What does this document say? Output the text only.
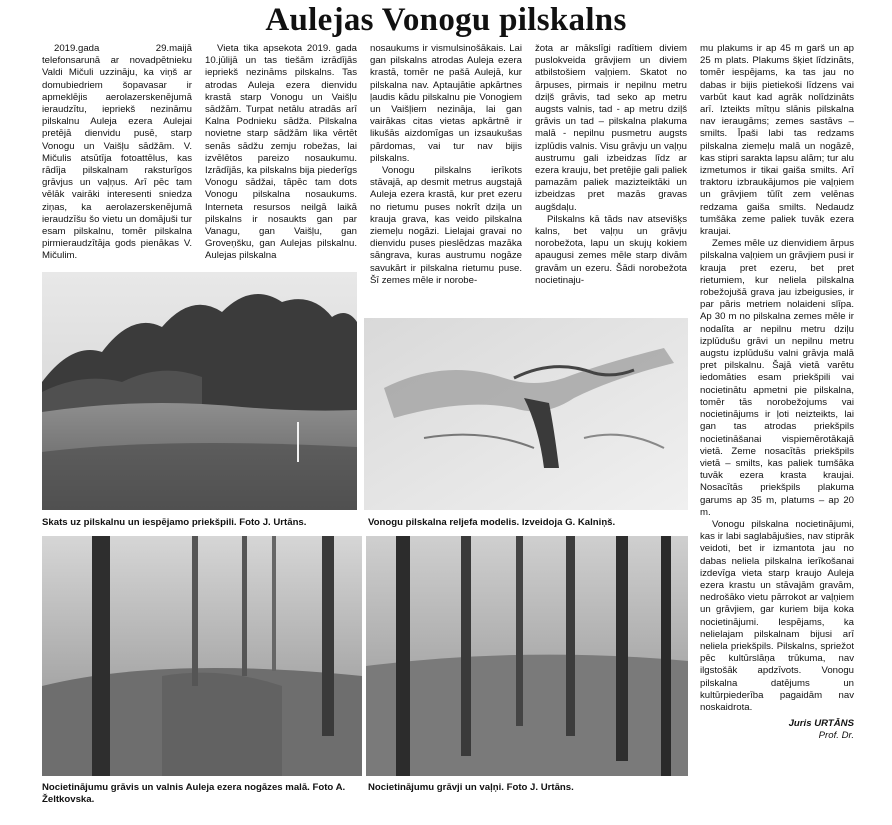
Aulejas Vonogu pilskalns

2019.gada 29.maijā telefonsarunā ar novadpētnieku Valdi Mičuli uzzināju, ka viņš ar domubiedriem šopavasar ir apmeklējis aerolazerskenējumā ieraudzītu, iepriekš nezināmu pilskalnu Auleja ezera Aulejai pretējā dienvidu pusē, starp Vonogu un Vaišļu sādžām. V. Mičulis atsūtīja fotoattēlus, kas rādīja pilskalnam raksturīgos grāvjus un vaļņus. Arī pēc tam vēlāk vairāki interesenti sniedza ziņas, ka aerolazerskenējumā ieraudzīšu šo vietu un domājuši tur esam pilskalnu, tomēr pilskalna pirmieraudzītāja gods pienākas V. Mičulim.

Vieta tika apsekota 2019. gada 10.jūlijā un tas tiešām izrādījās iepriekš nezināms pilskalns. Tas atrodas Auleja ezera dienvidu krastā starp Vonogu un Vaišļu sādžām. Turpat netālu atradās arī Kalna Podnieku sādža. Pilskalna novietne starp sādžām lika vērtēt senās sādžu zemju robežas, lai izvēlētos pareizo nosaukumu. Izrādījās, ka pilskalns bija piederīgs Vonogu sādžai, tāpēc tam dots Vonogu pilskalna nosaukums. Interneta resursos neilgā laikā pilskalns ir nosaukts gan par Vanagu, gan Vaišļu, gan Groveņšku, gan Aulejas pilskalnu. Aulejas pilskalna

nosaukums ir vismulsinošākais. Lai gan pilskalns atrodas Auleja ezera krastā, tomēr ne pašā Aulejā, kur pilskalna nav. Aptaujātie apkārtnes ļaudis kādu pilskalnu pie Vonogiem un Vaišļiem nezināja, lai gan vairākas citas vietas apkārtnē ir likušās aizdomīgas un izsaukušas pārdomas, vai tur nav bijis pilskalns.

Vonogu pilskalns ierīkots stāvajā, ap desmit metrus augstajā Auleja ezera krastā, kur pret ezeru no rietumu puses nokrīt dziļa un krauja grava, kas veido pilskalna ziemeļu nogāzi. Lielajai gravai no dienvidu puses pieslēdzas mazāka sāngrava, kuras austrumu nogāze savukārt ir pilskalna rietumu puse. Šī zemes mēle ir norobe-

žota ar mākslīgi radītiem diviem puslokveida grāvjiem un diviem atbilstošiem vaļņiem. Skatot no ārpuses, pirmais ir nepilnu metru dziļš grāvis, tad seko ap metru augsts valnis, tad - ap metru dziļš grāvis un tad – pilskalna plakuma malā - nepilnu pusmetru augsts izplūdis valnis. Visu grāvju un vaļņu austrumu gali izbeidzas līdz ar ezera krauju, bet pretējie gali paliek pamazām paliek mazizteiktāki un izbeidzas pret mazās gravas augšdaļu.

Pilskalns kā tāds nav atsevišķs kalns, bet vaļņu un grāvju norobežota, lapu un skujų kokiem apaugusi zemes mēle starp divām gravām un ezeru. Šādi norobežota nocietinaju-

mu plakums ir ap 45 m garš un ap 25 m plats. Plakums šķiet līdzināts, tomēr iespējams, ka tas jau no dabas ir bijis pietiekoši līdzens vai varbūt kaut kad agrāk nolīdzināts arī. Izteikts mītņu slānis pilskalna nav ieraugāms; zemes sastāvs – smilts. Īpaši labi tas redzams pilskalna ziemeļu malā un nogāzē, kas stipri sarakta lapsu alām; tur alu izmetumos ir tikai gaiša smilts. Arī traktoru izbraukājumos pie vaļņiem un grāvjiem tūlīt zem velēnas redzama gaiša smilts. Nedaudz tumšāka zeme paliek tuvāk ezera kraujai.

Zemes mēle uz dienvidiem ārpus pilskalna vaļņiem un grāvjiem pusi ir krauja pret ezeru, bet pret rietumiem, kur neliela pilskalna robežojušā grava jau izbeigusies, ir par pāris metriem nolaideni slīpa. Ap 30 m no pilskalna zemes mēle ir nodalīta ar nepilnu metru dziļu izplūdušu grāvi un nepilnu metru augstu izplūdušu valni grāvja malā pret pilskalnu. Šajā vietā varētu iedomāties esam priekšpili vai nocietinātu apmetni pie pilskalna, tomēr tās norobežojums vai nocietinājums ir ļoti neizteikts, lai gan tas atrodas priekšpils nocietināšanai vispiemērotākajā vietā. Zeme nosacītās priekšpils vietā – smilts, kas paliek tumšāka tuvāk ezera krasta kraujai. Nosacītās priekšpils plakuma garums ap 35 m, platums – ap 20 m.

Vonogu pilskalna nocietinājumi, kas ir labi saglabājušies, nav stiprāk veidoti, bet ir izmantota jau no dabas neliela pilskalna ierīkošanai izdevīga vieta starp kraujo Auleja ezera krastu un stāvajām gravām, nedrošāko vietu pārrokot ar vaļņiem un grāvjiem, gar kuriem bija koka nocietinājumi. Iespējams, ka nelielajam pilskalnam bijusi arī neliela priekšpils. Pilskalns, spriežot pēc kultūrslāņa trūkuma, nav ilgstošāk apdzīvots. Vonogu pilskalna datējums un kultūrpiederība pagaidām nav noskaidrota.

Juris URTĀNS

Prof. Dr.

Skats uz pilskalnu un iespējamo priekšpili. Foto J. Urtāns.	Vonogu pilskalna reljefa modelis. Izveidoja G. Kalniņš.
Nocietinājumu grāvis un valnis Auleja ezera nogāzes malā. Foto A. Želtkovska.
Nocietinājumu grāvji un vaļņi. Foto J. Urtāns.
